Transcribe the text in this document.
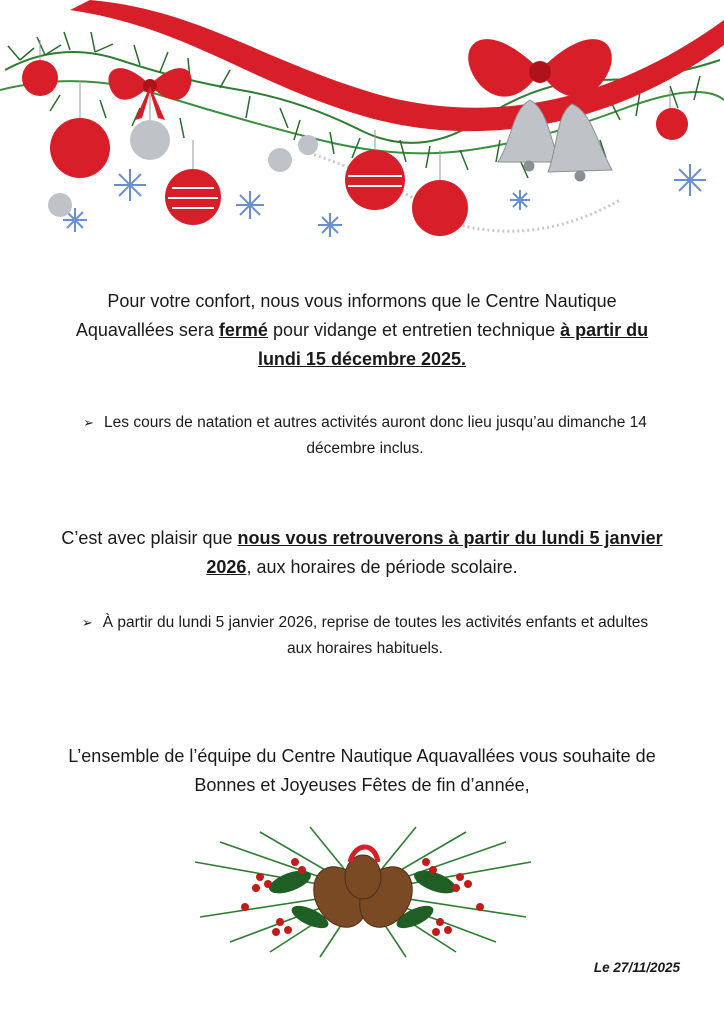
Pour votre confort, nous vous informons que le Centre Nautique Aquavallées sera fermé pour vidange et entretien technique à partir du lundi 15 décembre 2025.
➢ Les cours de natation et autres activités auront donc lieu jusqu’au dimanche 14 décembre inclus.
C’est avec plaisir que nous vous retrouverons à partir du lundi 5 janvier 2026, aux horaires de période scolaire.
➢ À partir du lundi 5 janvier 2026, reprise de toutes les activités enfants et adultes aux horaires habituels.
L’ensemble de l’équipe du Centre Nautique Aquavallées vous souhaite de Bonnes et Joyeuses Fêtes de fin d’année,
Le 27/11/2025
